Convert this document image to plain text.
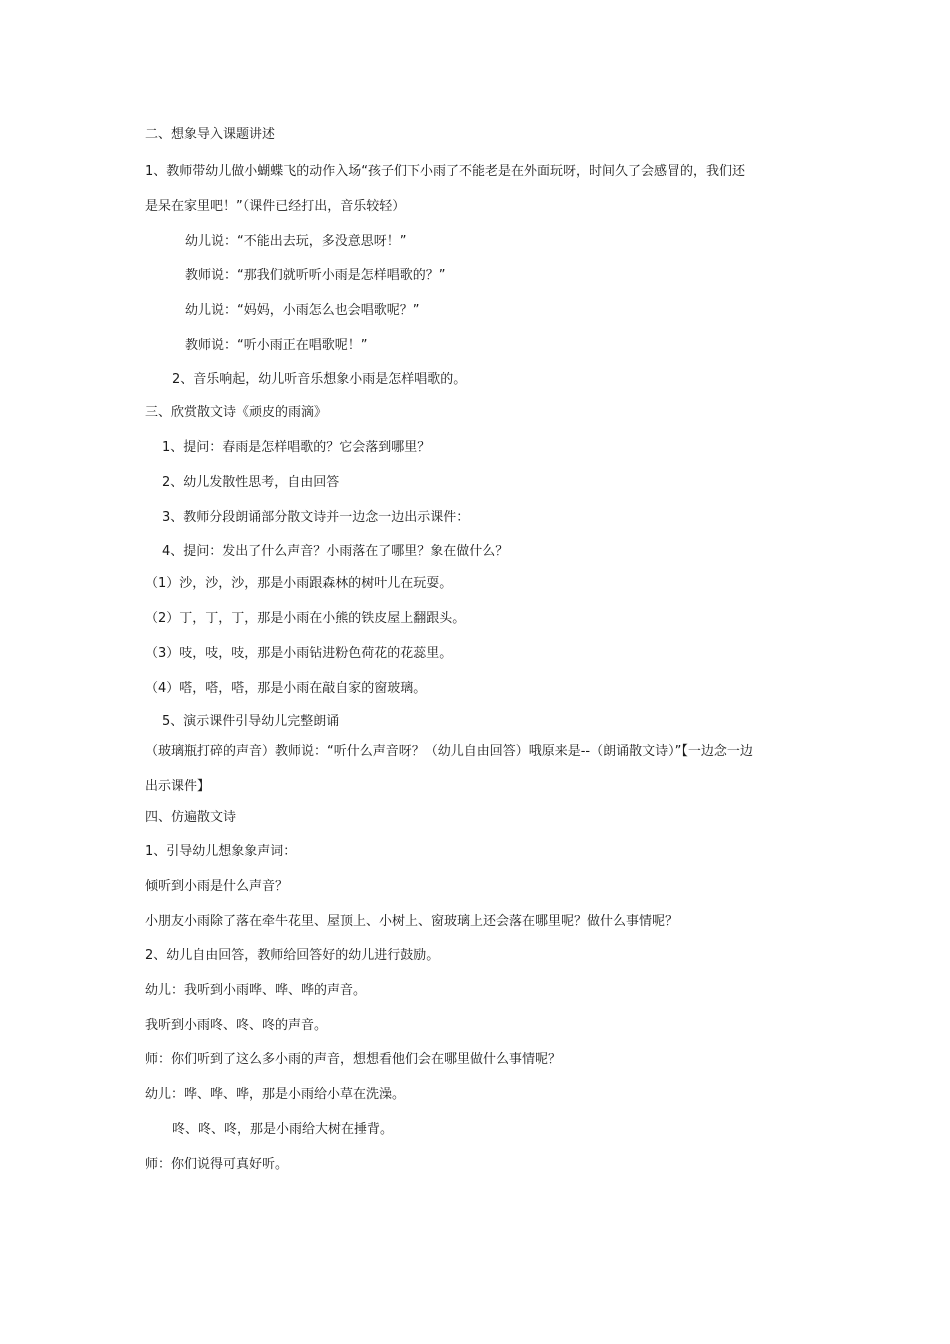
二、想象导入课题讲述
1、教师带幼儿做小蝴蝶飞的动作入场“孩子们下小雨了不能老是在外面玩呀，时间久了会感冒的，我们还
是呆在家里吧！”（课件已经打出，音乐较轻）
幼儿说：“不能出去玩，多没意思呀！”
教师说：“那我们就听听小雨是怎样唱歌的？”
幼儿说：“妈妈，小雨怎么也会唱歌呢？”
教师说：“听小雨正在唱歌呢！”
2、音乐响起，幼儿听音乐想象小雨是怎样唱歌的。
三、欣赏散文诗《顽皮的雨滴》
1、提问：春雨是怎样唱歌的？它会落到哪里？
2、幼儿发散性思考，自由回答
3、教师分段朗诵部分散文诗并一边念一边出示课件：
4、提问：发出了什么声音？小雨落在了哪里？象在做什么？
（1）沙，沙，沙，那是小雨跟森林的树叶儿在玩耍。
（2）丁，丁，丁，那是小雨在小熊的铁皮屋上翻跟头。
（3）吱，吱，吱，那是小雨钻进粉色荷花的花蕊里。
（4）嗒，嗒，嗒，那是小雨在敲自家的窗玻璃。
5、演示课件引导幼儿完整朗诵
（玻璃瓶打碎的声音）教师说：“听什么声音呀？（幼儿自由回答）哦原来是--（朗诵散文诗）”【一边念一边
出示课件】
四、仿遍散文诗
1、引导幼儿想象象声词：
倾听到小雨是什么声音？
小朋友小雨除了落在牵牛花里、屋顶上、小树上、窗玻璃上还会落在哪里呢？做什么事情呢？
2、幼儿自由回答，教师给回答好的幼儿进行鼓励。
幼儿：我听到小雨哗、哗、哗的声音。
我听到小雨咚、咚、咚的声音。
师：你们听到了这么多小雨的声音，想想看他们会在哪里做什么事情呢？
幼儿：哗、哗、哗，那是小雨给小草在洗澡。
咚、咚、咚，那是小雨给大树在捶背。
师：你们说得可真好听。
